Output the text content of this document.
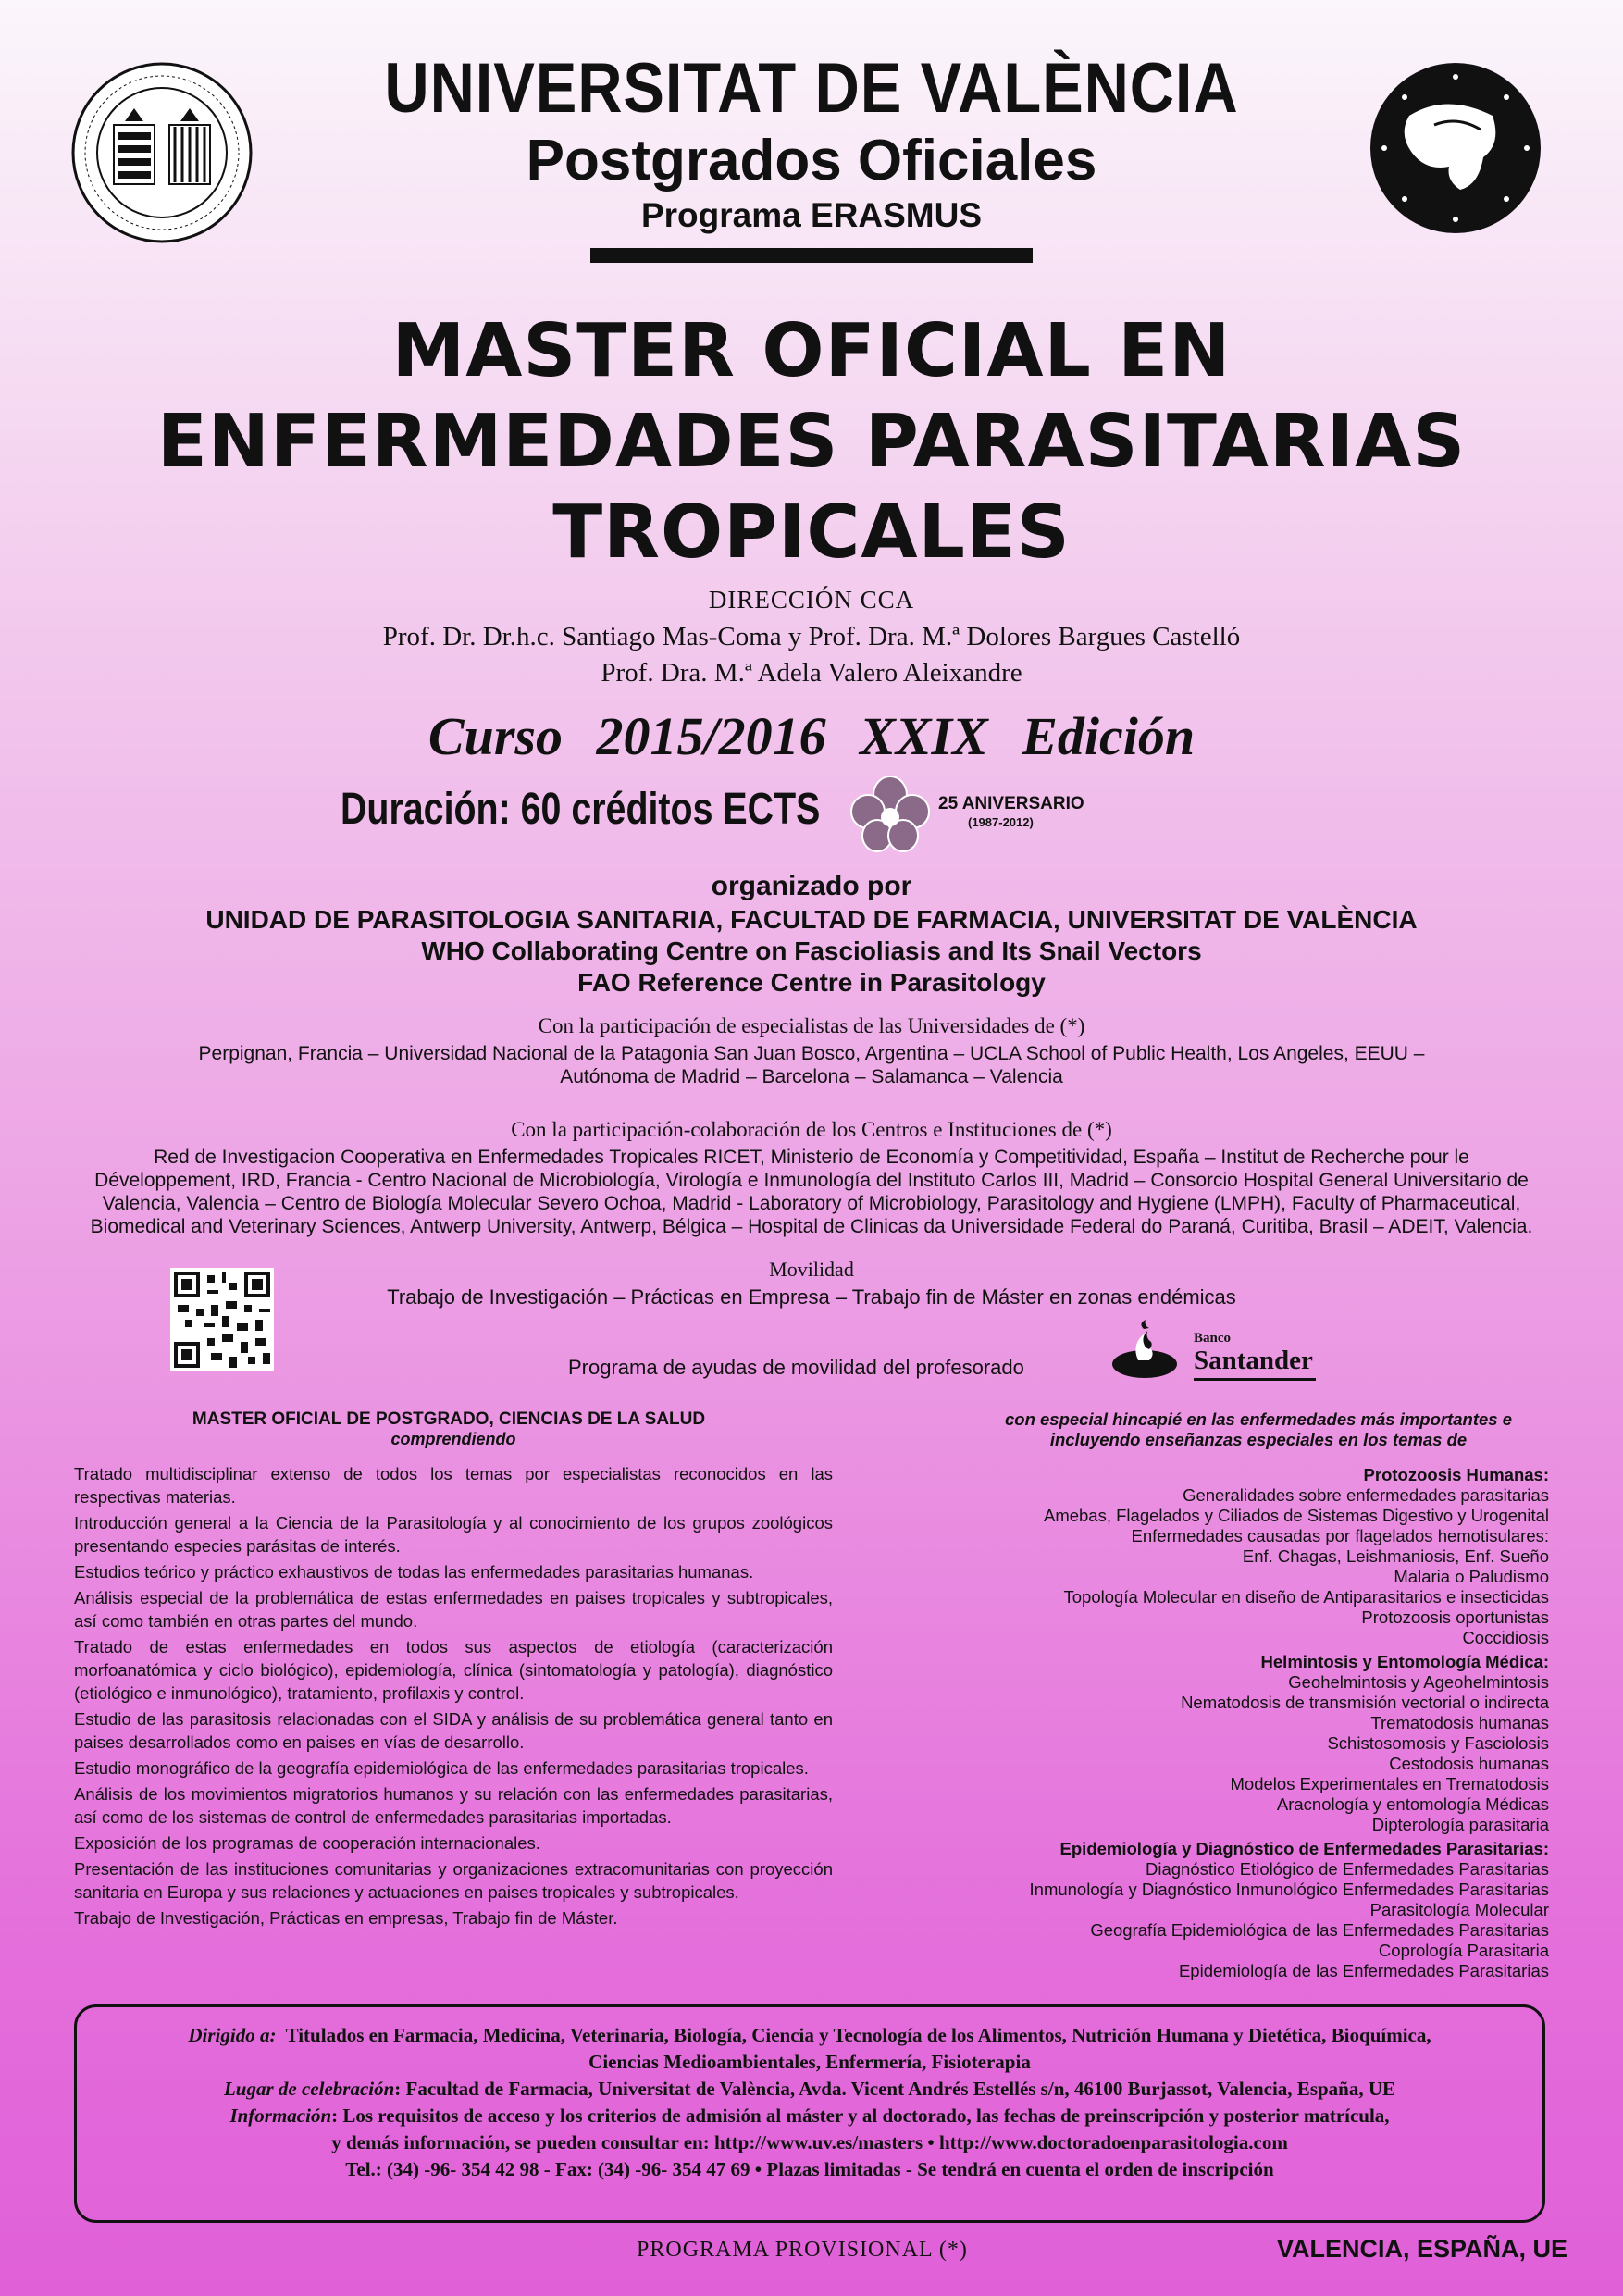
UNIVERSITAT DE VALÈNCIA
Postgrados Oficiales
Programa ERASMUS
MASTER OFICIAL EN
ENFERMEDADES PARASITARIAS
TROPICALES
DIRECCIÓN CCA
Prof. Dr. Dr.h.c. Santiago Mas-Coma y Prof. Dra. M.ª Dolores Bargues Castelló
Prof. Dra. M.ª Adela Valero Aleixandre
Curso 2015/2016 XXIX Edición
Duración: 60 créditos ECTS	25 ANIVERSARIO
(1987-2012)
organizado por
UNIDAD DE PARASITOLOGIA SANITARIA, FACULTAD DE FARMACIA, UNIVERSITAT DE VALÈNCIA
WHO Collaborating Centre on Fascioliasis and Its Snail Vectors
FAO Reference Centre in Parasitology
Con la participación de especialistas de las Universidades de (*)
Perpignan, Francia – Universidad Nacional de la Patagonia San Juan Bosco, Argentina – UCLA School of Public Health, Los Angeles, EEUU – Autónoma de Madrid – Barcelona – Salamanca – Valencia
Con la participación-colaboración de los Centros e Instituciones de (*)
Red de Investigacion Cooperativa en Enfermedades Tropicales RICET, Ministerio de Economía y Competitividad, España – Institut de Recherche pour le Développement, IRD, Francia - Centro Nacional de Microbiología, Virología e Inmunología del Instituto Carlos III, Madrid – Consorcio Hospital General Universitario de Valencia, Valencia – Centro de Biología Molecular Severo Ochoa, Madrid - Laboratory of Microbiology, Parasitology and Hygiene (LMPH), Faculty of Pharmaceutical, Biomedical and Veterinary Sciences, Antwerp University, Antwerp, Bélgica – Hospital de Clinicas da Universidade Federal do Paraná, Curitiba, Brasil – ADEIT, Valencia.
Movilidad
Trabajo de Investigación – Prácticas en Empresa – Trabajo fin de Máster en zonas endémicas
Programa de ayudas de movilidad del profesorado
Banco
Santander
MASTER OFICIAL DE POSTGRADO, CIENCIAS DE LA SALUD
comprendiendo
Tratado multidisciplinar extenso de todos los temas por especialistas reconocidos en las respectivas materias.
Introducción general a la Ciencia de la Parasitología y al conocimiento de los grupos zoológicos presentando especies parásitas de interés.
Estudios teórico y práctico exhaustivos de todas las enfermedades parasitarias humanas.
Análisis especial de la problemática de estas enfermedades en paises tropicales y subtropicales, así como también en otras partes del mundo.
Tratado de estas enfermedades en todos sus aspectos de etiología (caracterización morfoanatómica y ciclo biológico), epidemiología, clínica (sintomatología y patología), diagnóstico (etiológico e inmunológico), tratamiento, profilaxis y control.
Estudio de las parasitosis relacionadas con el SIDA y análisis de su problemática general tanto en paises desarrollados como en paises en vías de desarrollo.
Estudio monográfico de la geografía epidemiológica de las enfermedades parasitarias tropicales.
Análisis de los movimientos migratorios humanos y su relación con las enfermedades parasitarias, así como de los sistemas de control de enfermedades parasitarias importadas.
Exposición de los programas de cooperación internacionales.
Presentación de las instituciones comunitarias y organizaciones extracomunitarias con proyección sanitaria en Europa y sus relaciones y actuaciones en paises tropicales y subtropicales.
Trabajo de Investigación, Prácticas en empresas, Trabajo fin de Máster.
con especial hincapié en las enfermedades más importantes e
incluyendo enseñanzas especiales en los temas de
Protozoosis Humanas:
Generalidades sobre enfermedades parasitarias
Amebas, Flagelados y Ciliados de Sistemas Digestivo y Urogenital
Enfermedades causadas por flagelados hemotisulares:
Enf. Chagas, Leishmaniosis, Enf. Sueño
Malaria o Paludismo
Topología Molecular en diseño de Antiparasitarios e insecticidas
Protozoosis oportunistas
Coccidiosis
Helmintosis y Entomología Médica:
Geohelmintosis y Ageohelmintosis
Nematodosis de transmisión vectorial o indirecta
Trematodosis humanas
Schistosomosis y Fasciolosis
Cestodosis humanas
Modelos Experimentales en Trematodosis
Aracnología y entomología Médicas
Dipterología parasitaria
Epidemiología y Diagnóstico de Enfermedades Parasitarias:
Diagnóstico Etiológico de Enfermedades Parasitarias
Inmunología y Diagnóstico Inmunológico Enfermedades Parasitarias
Parasitología Molecular
Geografía Epidemiológica de las Enfermedades Parasitarias
Coprología Parasitaria
Epidemiología de las Enfermedades Parasitarias
Dirigido a: Titulados en Farmacia, Medicina, Veterinaria, Biología, Ciencia y Tecnología de los Alimentos, Nutrición Humana y Dietética, Bioquímica,
Ciencias Medioambientales, Enfermería, Fisioterapia
Lugar de celebración: Facultad de Farmacia, Universitat de València, Avda. Vicent Andrés Estellés s/n, 46100 Burjassot, Valencia, España, UE
Información: Los requisitos de acceso y los criterios de admisión al máster y al doctorado, las fechas de preinscripción y posterior matrícula,
y demás información, se pueden consultar en: http://www.uv.es/masters • http://www.doctoradoenparasitologia.com
Tel.: (34) -96- 354 42 98 - Fax: (34) -96- 354 47 69 • Plazas limitadas - Se tendrá en cuenta el orden de inscripción
PROGRAMA PROVISIONAL (*)	VALENCIA, ESPAÑA, UE
